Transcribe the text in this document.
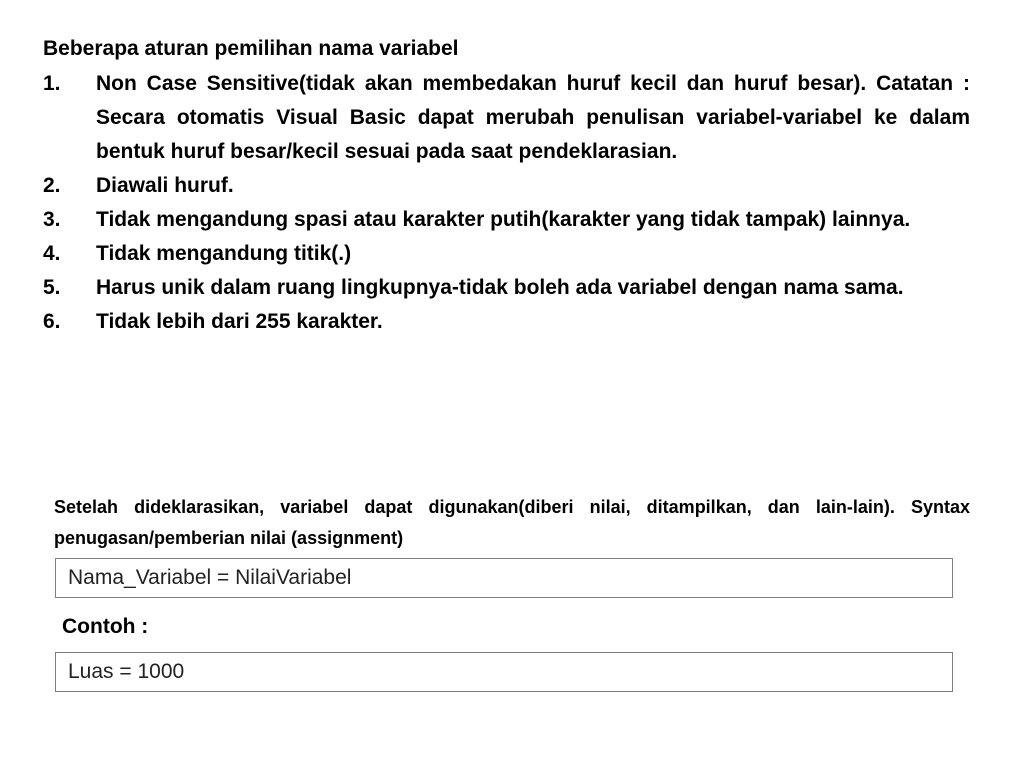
Beberapa aturan pemilihan nama variabel
1.	Non Case Sensitive(tidak akan membedakan huruf kecil dan huruf besar). Catatan : Secara otomatis Visual Basic dapat merubah penulisan variabel-variabel ke dalam bentuk huruf besar/kecil sesuai pada saat pendeklarasian.
2.	Diawali huruf.
3.	Tidak mengandung spasi atau karakter putih(karakter yang tidak tampak) lainnya.
4.	Tidak mengandung titik(.)
5.	Harus unik dalam ruang lingkupnya-tidak boleh ada variabel dengan nama sama.
6.	Tidak lebih dari 255 karakter.

Setelah dideklarasikan, variabel dapat digunakan(diberi nilai, ditampilkan, dan lain-lain). Syntax penugasan/pemberian nilai (assignment)

Nama_Variabel = NilaiVariabel
Contoh :
Luas = 1000
